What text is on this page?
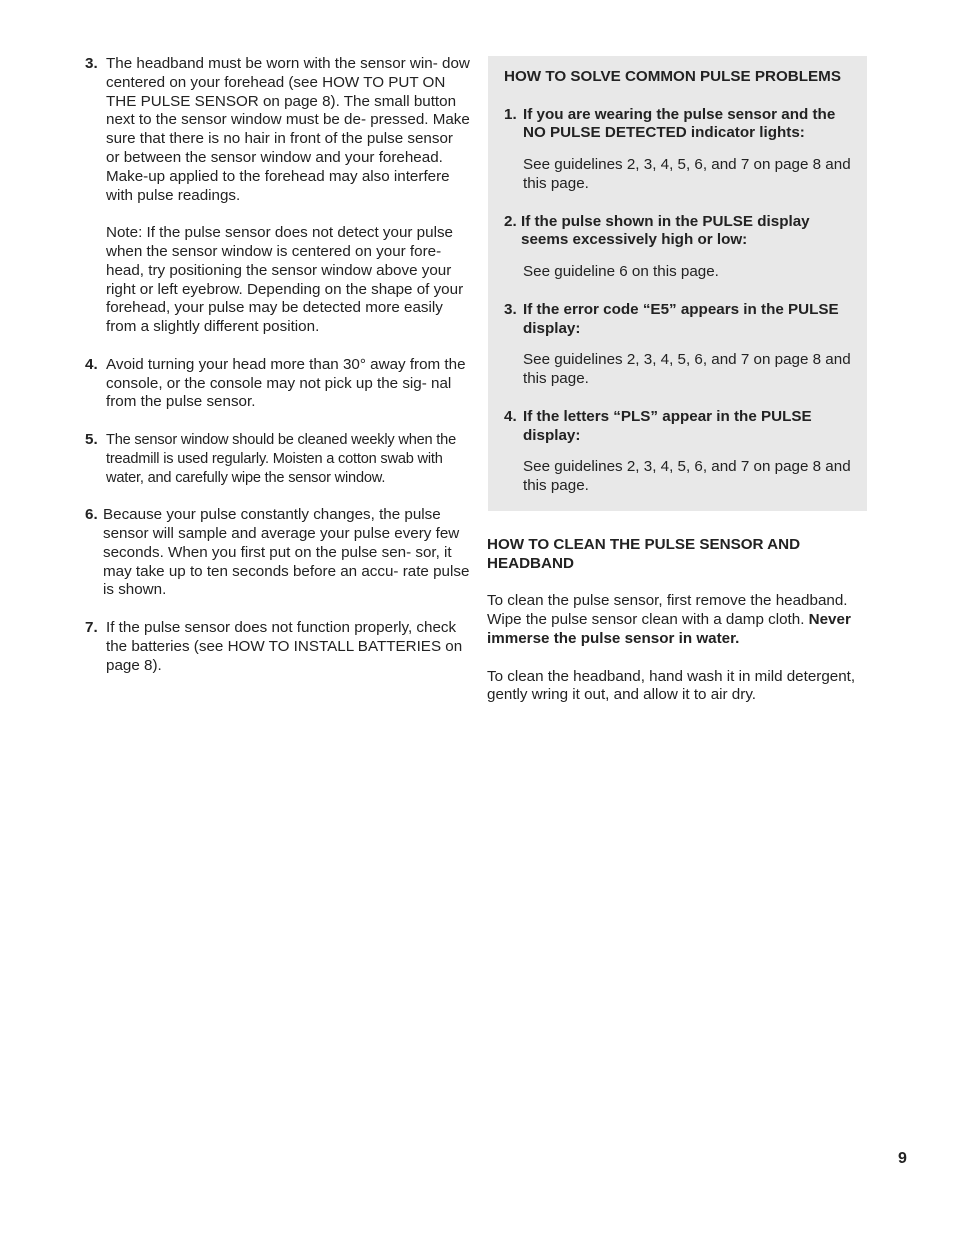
3. The headband must be worn with the sensor win- dow centered on your forehead (see HOW TO PUT ON THE PULSE SENSOR on page 8). The small button next to the sensor window must be de- pressed. Make sure that there is no hair in front of the pulse sensor or between the sensor window and your forehead. Make-up applied to the forehead may also interfere with pulse readings.

Note: If the pulse sensor does not detect your pulse when the sensor window is centered on your fore- head, try positioning the sensor window above your right or left eyebrow. Depending on the shape of your forehead, your pulse may be detected more easily from a slightly different position.

4. Avoid turning your head more than 30° away from the console, or the console may not pick up the sig- nal from the pulse sensor.

5. The sensor window should be cleaned weekly when the treadmill is used regularly. Moisten a cotton swab with water, and carefully wipe the sensor window.

6. Because your pulse constantly changes, the pulse sensor will sample and average your pulse every few seconds. When you first put on the pulse sen- sor, it may take up to ten seconds before an accu- rate pulse is shown.

7. If the pulse sensor does not function properly, check the batteries (see HOW TO INSTALL BATTERIES on page 8).

HOW TO SOLVE COMMON PULSE PROBLEMS
1. If you are wearing the pulse sensor and the NO PULSE DETECTED indicator lights:
See guidelines 2, 3, 4, 5, 6, and 7 on page 8 and this page.
2. If the pulse shown in the PULSE display seems excessively high or low:
See guideline 6 on this page.
3. If the error code “E5” appears in the PULSE display:
See guidelines 2, 3, 4, 5, 6, and 7 on page 8 and this page.
4. If the letters “PLS” appear in the PULSE display:
See guidelines 2, 3, 4, 5, 6, and 7 on page 8 and this page.
HOW TO CLEAN THE PULSE SENSOR AND HEADBAND

To clean the pulse sensor, first remove the headband. Wipe the pulse sensor clean with a damp cloth. Never immerse the pulse sensor in water.

To clean the headband, hand wash it in mild detergent, gently wring it out, and allow it to air dry.

9
